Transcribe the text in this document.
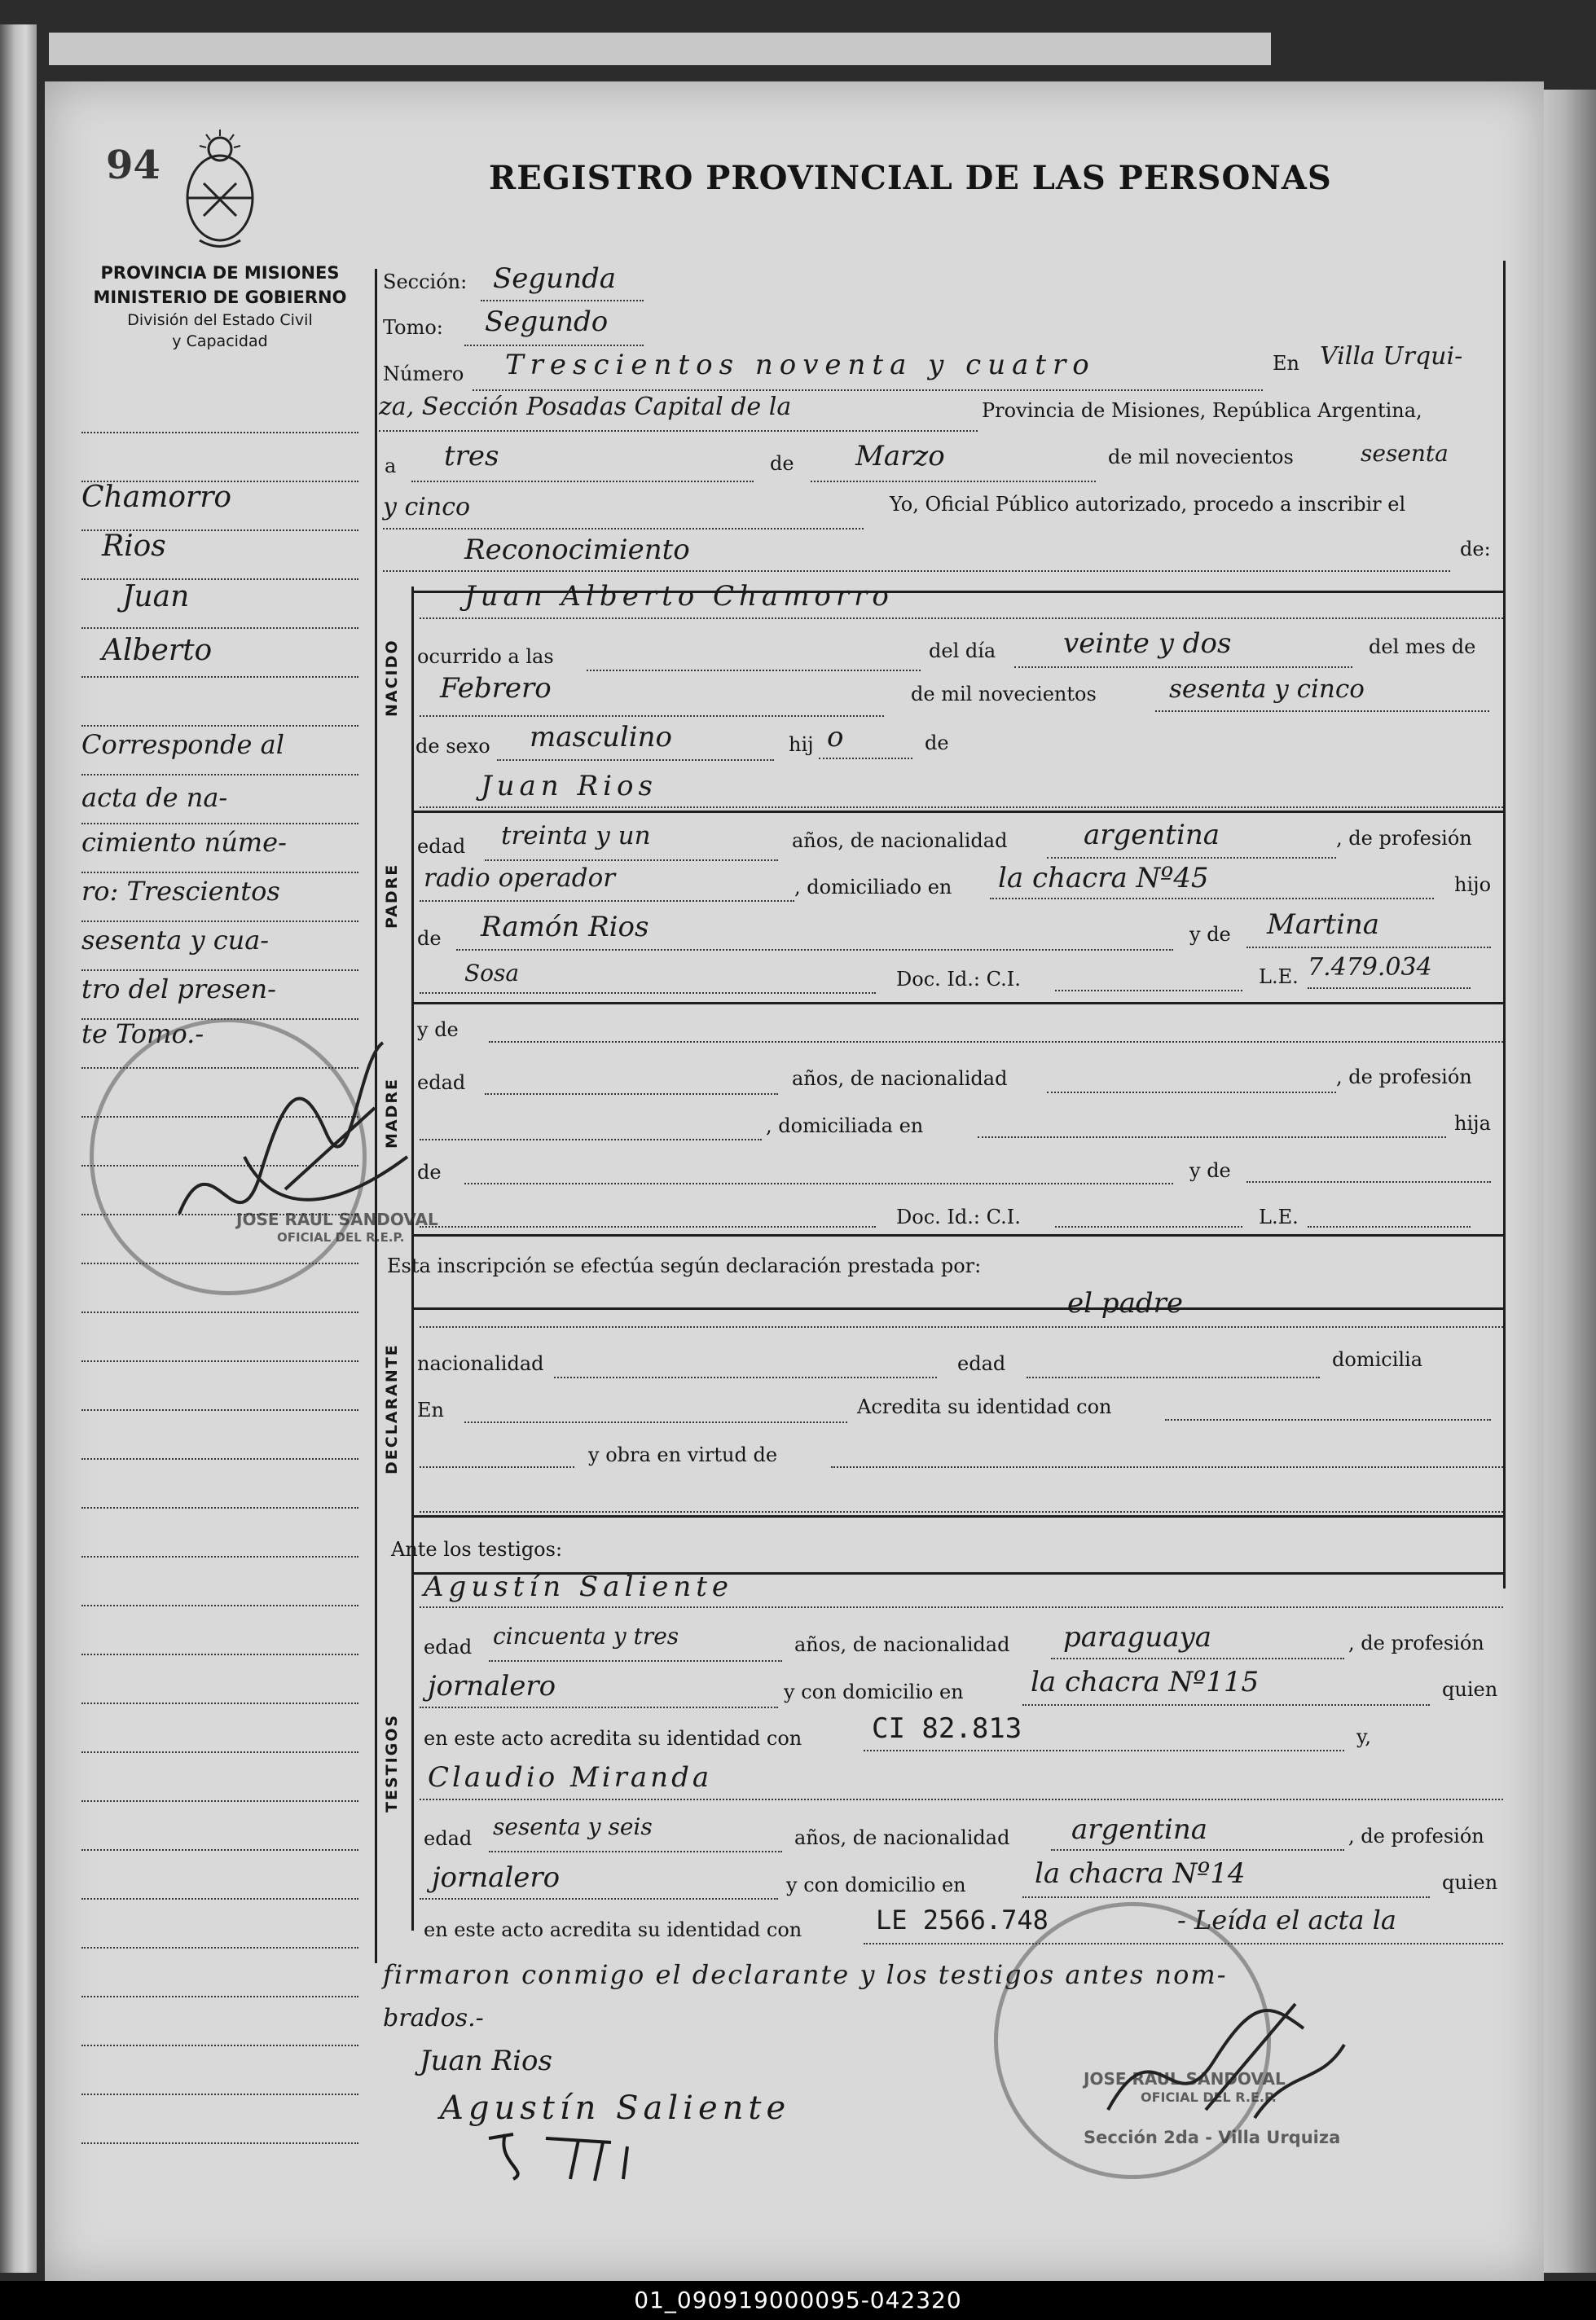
94	REGISTRO PROVINCIAL DE LAS PERSONAS
PROVINCIA DE MISIONES
MINISTERIO DE GOBIERNO
División del Estado Civil
y Capacidad
NACIDO
PADRE
MADRE
DECLARANTE
TESTIGOS
Chamorro
Rios
Juan
Alberto
Corresponde al
acta de na-
cimiento núme-
ro: Trescientos
sesenta y cua-
tro del presen-
te Tomo.-
JOSE RAUL SANDOVAL
OFICIAL DEL R.E.P.
Sección: Segunda
Tomo: Segundo
Número Trescientos noventa y cuatro	En Villa Urqui-
za, Sección Posadas Capital de la	Provincia de Misiones, República Argentina,
a tres	de Marzo	de mil novecientos	sesenta
y cinco	Yo, Oficial Público autorizado, procedo a inscribir el
Reconocimiento	de:
Juan Alberto Chamorro
ocurrido a las	del día veinte y dos	del mes de
Febrero	de mil novecientos	sesenta y cinco
de sexo masculino	hij o	de
Juan Rios
edad treinta y un	años, de nacionalidad	argentina	, de profesión
radio operador	, domiciliado en la chacra Nº45	hijo
de Ramón Rios	y de Martina
Sosa	Doc. Id.: C.I.	L.E. 7.479.034
y de
edad	años, de nacionalidad	, de profesión
, domiciliada en	hija
de	y de
Doc. Id.: C.I.	L.E.
Esta inscripción se efectúa según declaración prestada por:
el padre
nacionalidad	edad	domicilia
En	Acredita su identidad con
y obra en virtud de
Ante los testigos:
Agustín Saliente
edad cincuenta y tres	años, de nacionalidad paraguaya	, de profesión
jornalero	y con domicilio en la chacra Nº115	quien
en este acto acredita su identidad con	CI 82.813	y,
Claudio Miranda
edad sesenta y seis	años, de nacionalidad argentina	, de profesión
jornalero	y con domicilio en la chacra Nº14	quien
en este acto acredita su identidad con	LE 2566.748	- Leída el acta la
firmaron conmigo el declarante y los testigos antes nom-
brados.-
Juan Rios
Agustín Saliente
JOSE RAUL SANDOVAL
OFICIAL DEL R.E.P.
Sección 2da - Villa Urquiza
01_090919000095-042320
